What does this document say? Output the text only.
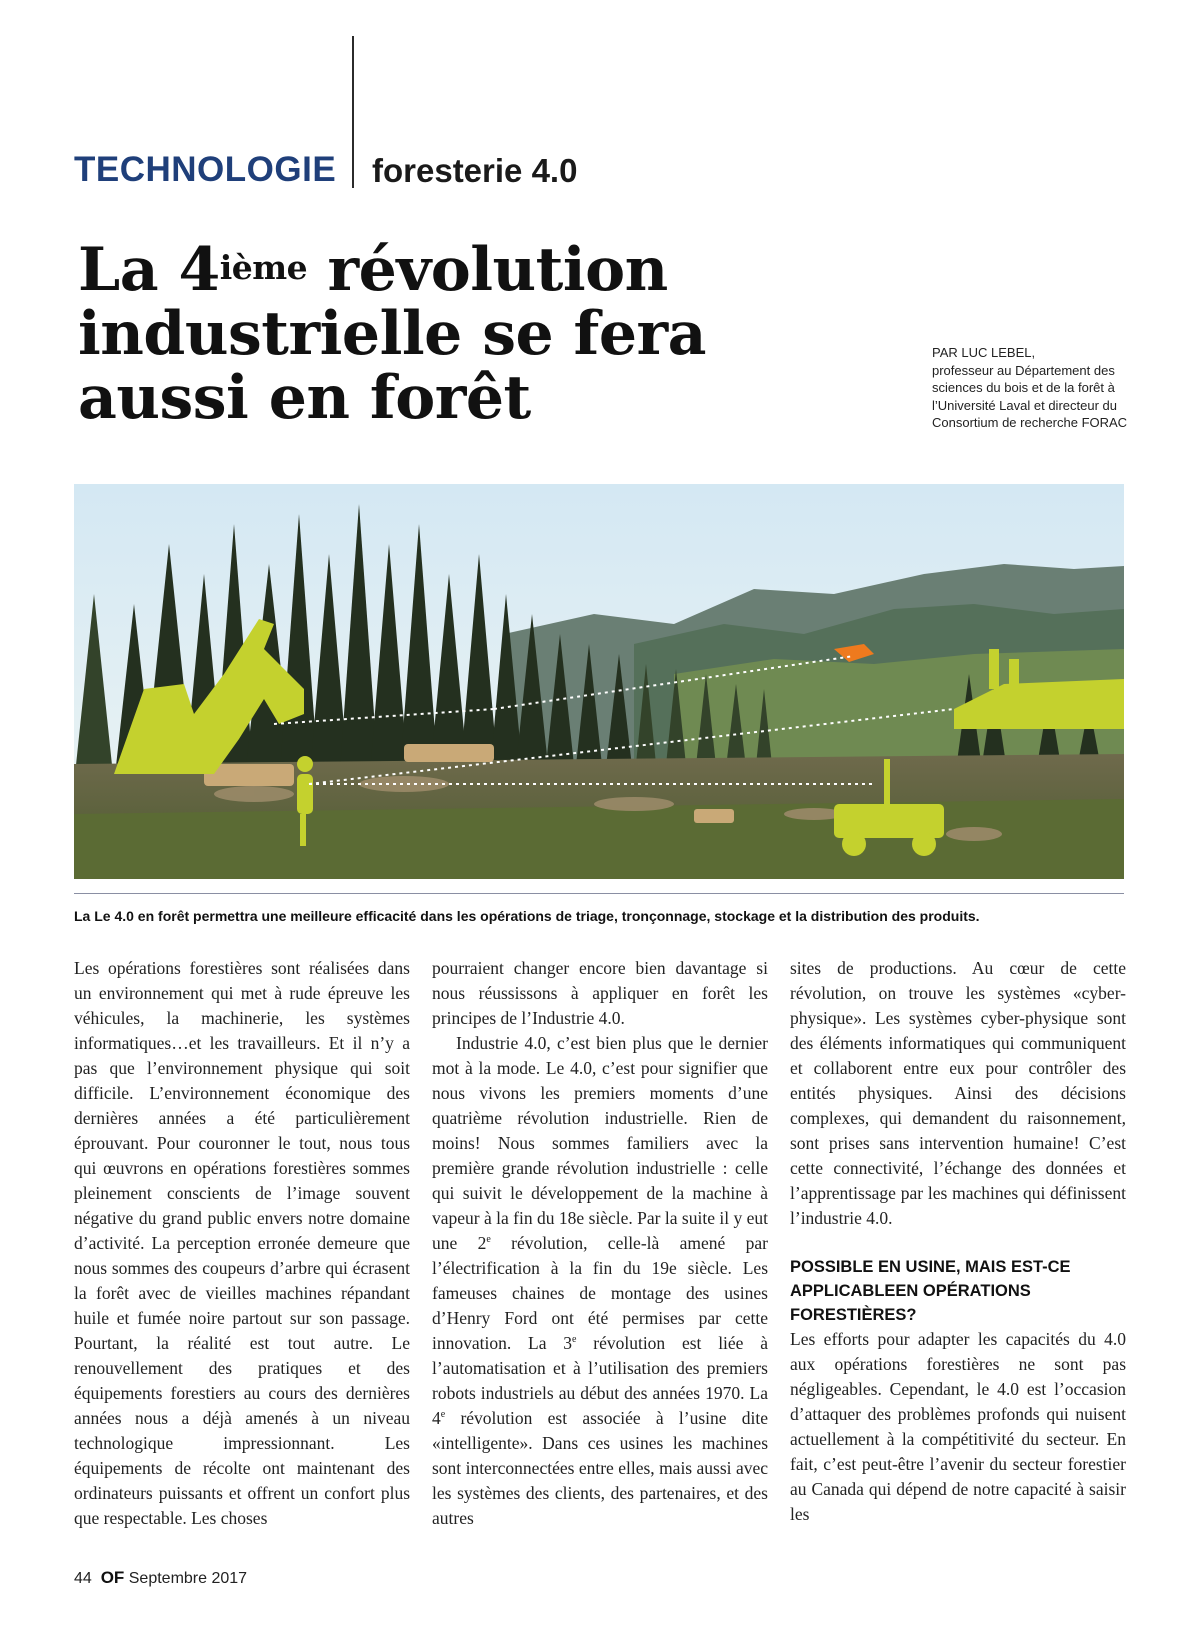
TECHNOLOGIE foresterie 4.0
La 4ième révolution industrielle se fera aussi en forêt
PAR LUC LEBEL,
professeur au Département des sciences du bois et de la forêt à l’Université Laval et directeur du Consortium de recherche FORAC
La Le 4.0 en forêt permettra une meilleure efficacité dans les opérations de triage, tronçonnage, stockage et la distribution des produits.

Les opérations forestières sont réalisées dans un environnement qui met à rude épreuve les véhicules, la machinerie, les systèmes informatiques…et les travailleurs. Et il n’y a pas que l’environnement physique qui soit difficile. L’environnement économique des dernières années a été particulièrement éprouvant. Pour couronner le tout, nous tous qui œuvrons en opérations forestières sommes pleinement conscients de l’image souvent négative du grand public envers notre domaine d’activité. La perception erronée demeure que nous sommes des coupeurs d’arbre qui écrasent la forêt avec de vieilles machines répandant huile et fumée noire partout sur son passage. Pourtant, la réalité est tout autre. Le renouvellement des pratiques et des équipements forestiers au cours des dernières années nous a déjà amenés à un niveau technologique impressionnant. Les équipements de récolte ont maintenant des ordinateurs puissants et offrent un confort plus que respectable. Les choses

pourraient changer encore bien davantage si nous réussissons à appliquer en forêt les principes de l’Industrie 4.0.

Industrie 4.0, c’est bien plus que le dernier mot à la mode. Le 4.0, c’est pour signifier que nous vivons les premiers moments d’une quatrième révolution industrielle. Rien de moins! Nous sommes familiers avec la première grande révolution industrielle : celle qui suivit le développement de la machine à vapeur à la fin du 18e siècle. Par la suite il y eut une 2e révolution, celle-là amené par l’électrification à la fin du 19e siècle. Les fameuses chaines de montage des usines d’Henry Ford ont été permises par cette innovation. La 3e révolution est liée à l’automatisation et à l’utilisation des premiers robots industriels au début des années 1970. La 4e révolution est associée à l’usine dite «intelligente». Dans ces usines les machines sont interconnectées entre elles, mais aussi avec les systèmes des clients, des partenaires, et des autres

sites de productions. Au cœur de cette révolution, on trouve les systèmes «cyber-physique». Les systèmes cyber-physique sont des éléments informatiques qui communiquent et collaborent entre eux pour contrôler des entités physiques. Ainsi des décisions complexes, qui demandent du raisonnement, sont prises sans intervention humaine! C’est cette connectivité, l’échange des données et l’apprentissage par les machines qui définissent l’industrie 4.0.

POSSIBLE EN USINE, MAIS EST-CE APPLICABLEEN OPÉRATIONS FORESTIÈRES?

Les efforts pour adapter les capacités du 4.0 aux opérations forestières ne sont pas négligeables. Cependant, le 4.0 est l’occasion d’attaquer des problèmes profonds qui nuisent actuellement à la compétitivité du secteur. En fait, c’est peut-être l’avenir du secteur forestier au Canada qui dépend de notre capacité à saisir les

44 OF Septembre 2017
